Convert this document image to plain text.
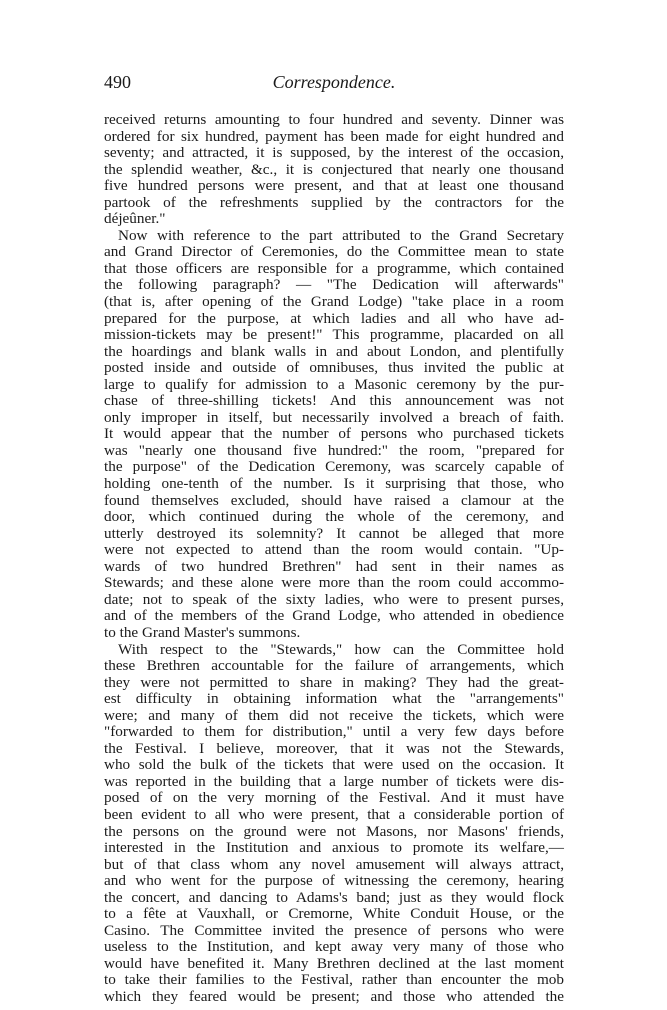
490	Correspondence.
received returns amounting to four hundred and seventy. Dinner was
ordered for six hundred, payment has been made for eight hundred and
seventy; and attracted, it is supposed, by the interest of the occasion,
the splendid weather, &c., it is conjectured that nearly one thousand
five hundred persons were present, and that at least one thousand
partook of the refreshments supplied by the contractors for the
déjeûner."
Now with reference to the part attributed to the Grand Secretary
and Grand Director of Ceremonies, do the Committee mean to state
that those officers are responsible for a programme, which contained
the following paragraph? — "The Dedication will afterwards"
(that is, after opening of the Grand Lodge) "take place in a room
prepared for the purpose, at which ladies and all who have ad-
mission-tickets may be present!" This programme, placarded on all
the hoardings and blank walls in and about London, and plentifully
posted inside and outside of omnibuses, thus invited the public at
large to qualify for admission to a Masonic ceremony by the pur-
chase of three-shilling tickets! And this announcement was not
only improper in itself, but necessarily involved a breach of faith.
It would appear that the number of persons who purchased tickets
was "nearly one thousand five hundred:" the room, "prepared for
the purpose" of the Dedication Ceremony, was scarcely capable of
holding one-tenth of the number. Is it surprising that those, who
found themselves excluded, should have raised a clamour at the
door, which continued during the whole of the ceremony, and
utterly destroyed its solemnity? It cannot be alleged that more
were not expected to attend than the room would contain. "Up-
wards of two hundred Brethren" had sent in their names as
Stewards; and these alone were more than the room could accommo-
date; not to speak of the sixty ladies, who were to present purses,
and of the members of the Grand Lodge, who attended in obedience
to the Grand Master's summons.
With respect to the "Stewards," how can the Committee hold
these Brethren accountable for the failure of arrangements, which
they were not permitted to share in making? They had the great-
est difficulty in obtaining information what the "arrangements"
were; and many of them did not receive the tickets, which were
"forwarded to them for distribution," until a very few days before
the Festival. I believe, moreover, that it was not the Stewards,
who sold the bulk of the tickets that were used on the occasion. It
was reported in the building that a large number of tickets were dis-
posed of on the very morning of the Festival. And it must have
been evident to all who were present, that a considerable portion of
the persons on the ground were not Masons, nor Masons' friends,
interested in the Institution and anxious to promote its welfare,—
but of that class whom any novel amusement will always attract,
and who went for the purpose of witnessing the ceremony, hearing
the concert, and dancing to Adams's band; just as they would flock
to a fête at Vauxhall, or Cremorne, White Conduit House, or the
Casino. The Committee invited the presence of persons who were
useless to the Institution, and kept away very many of those who
would have benefited it. Many Brethren declined at the last moment
to take their families to the Festival, rather than encounter the mob
which they feared would be present; and those who attended the
